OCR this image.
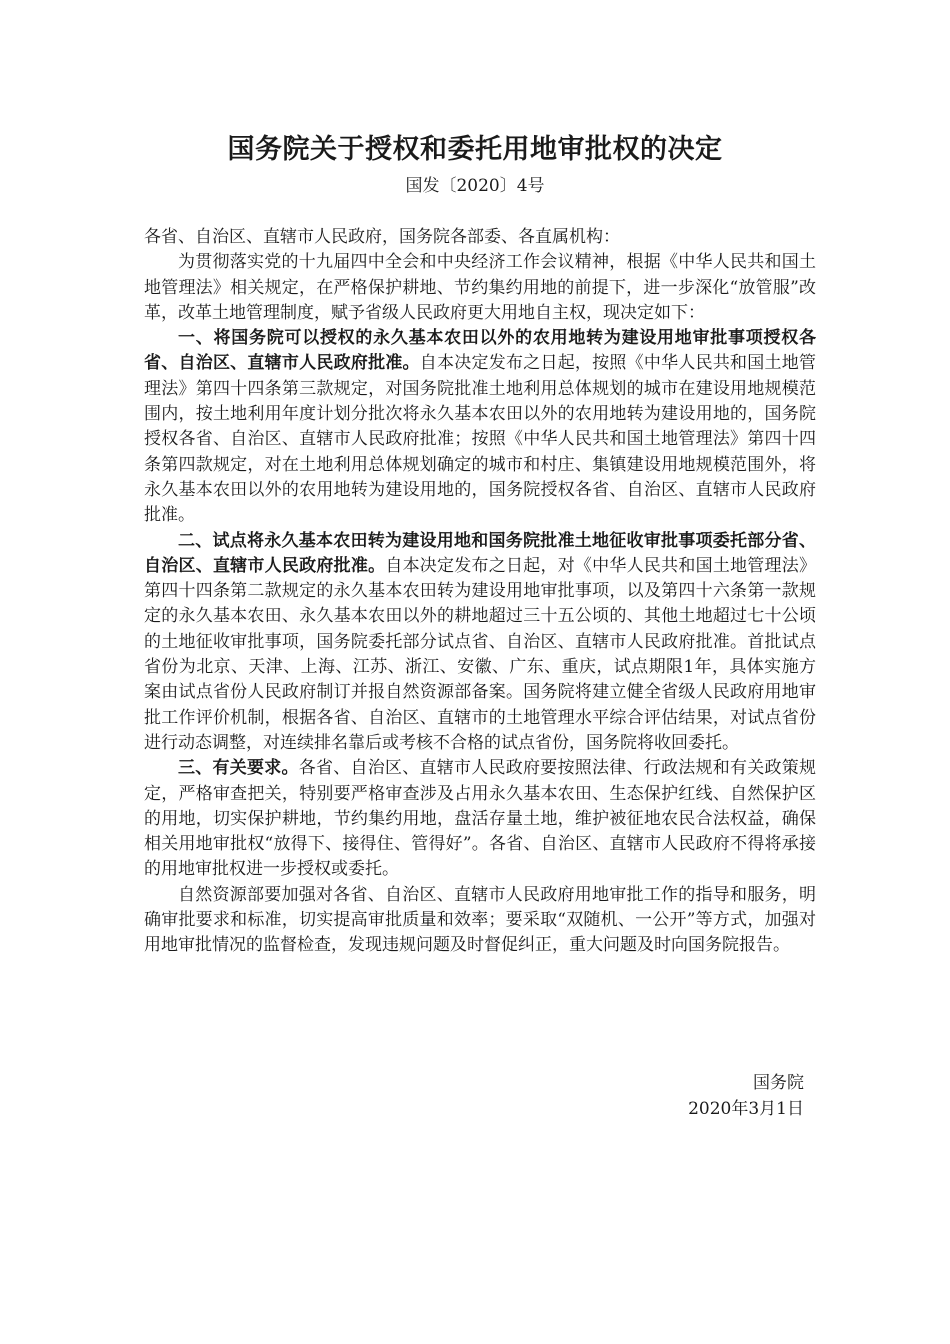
国务院关于授权和委托用地审批权的决定
国发〔2020〕4号

各省、自治区、直辖市人民政府，国务院各部委、各直属机构：

为贯彻落实党的十九届四中全会和中央经济工作会议精神，根据《中华人民共和国土地管理法》相关规定，在严格保护耕地、节约集约用地的前提下，进一步深化“放管服”改革，改革土地管理制度，赋予省级人民政府更大用地自主权，现决定如下：

一、将国务院可以授权的永久基本农田以外的农用地转为建设用地审批事项授权各省、自治区、直辖市人民政府批准。自本决定发布之日起，按照《中华人民共和国土地管理法》第四十四条第三款规定，对国务院批准土地利用总体规划的城市在建设用地规模范围内，按土地利用年度计划分批次将永久基本农田以外的农用地转为建设用地的，国务院授权各省、自治区、直辖市人民政府批准；按照《中华人民共和国土地管理法》第四十四条第四款规定，对在土地利用总体规划确定的城市和村庄、集镇建设用地规模范围外，将永久基本农田以外的农用地转为建设用地的，国务院授权各省、自治区、直辖市人民政府批准。

二、试点将永久基本农田转为建设用地和国务院批准土地征收审批事项委托部分省、自治区、直辖市人民政府批准。自本决定发布之日起，对《中华人民共和国土地管理法》第四十四条第二款规定的永久基本农田转为建设用地审批事项，以及第四十六条第一款规定的永久基本农田、永久基本农田以外的耕地超过三十五公顷的、其他土地超过七十公顷的土地征收审批事项，国务院委托部分试点省、自治区、直辖市人民政府批准。首批试点省份为北京、天津、上海、江苏、浙江、安徽、广东、重庆，试点期限1年，具体实施方案由试点省份人民政府制订并报自然资源部备案。国务院将建立健全省级人民政府用地审批工作评价机制，根据各省、自治区、直辖市的土地管理水平综合评估结果，对试点省份进行动态调整，对连续排名靠后或考核不合格的试点省份，国务院将收回委托。

三、有关要求。各省、自治区、直辖市人民政府要按照法律、行政法规和有关政策规定，严格审查把关，特别要严格审查涉及占用永久基本农田、生态保护红线、自然保护区的用地，切实保护耕地，节约集约用地，盘活存量土地，维护被征地农民合法权益，确保相关用地审批权“放得下、接得住、管得好”。各省、自治区、直辖市人民政府不得将承接的用地审批权进一步授权或委托。

自然资源部要加强对各省、自治区、直辖市人民政府用地审批工作的指导和服务，明确审批要求和标准，切实提高审批质量和效率；要采取“双随机、一公开”等方式，加强对用地审批情况的监督检查，发现违规问题及时督促纠正，重大问题及时向国务院报告。

国务院
2020年3月1日
